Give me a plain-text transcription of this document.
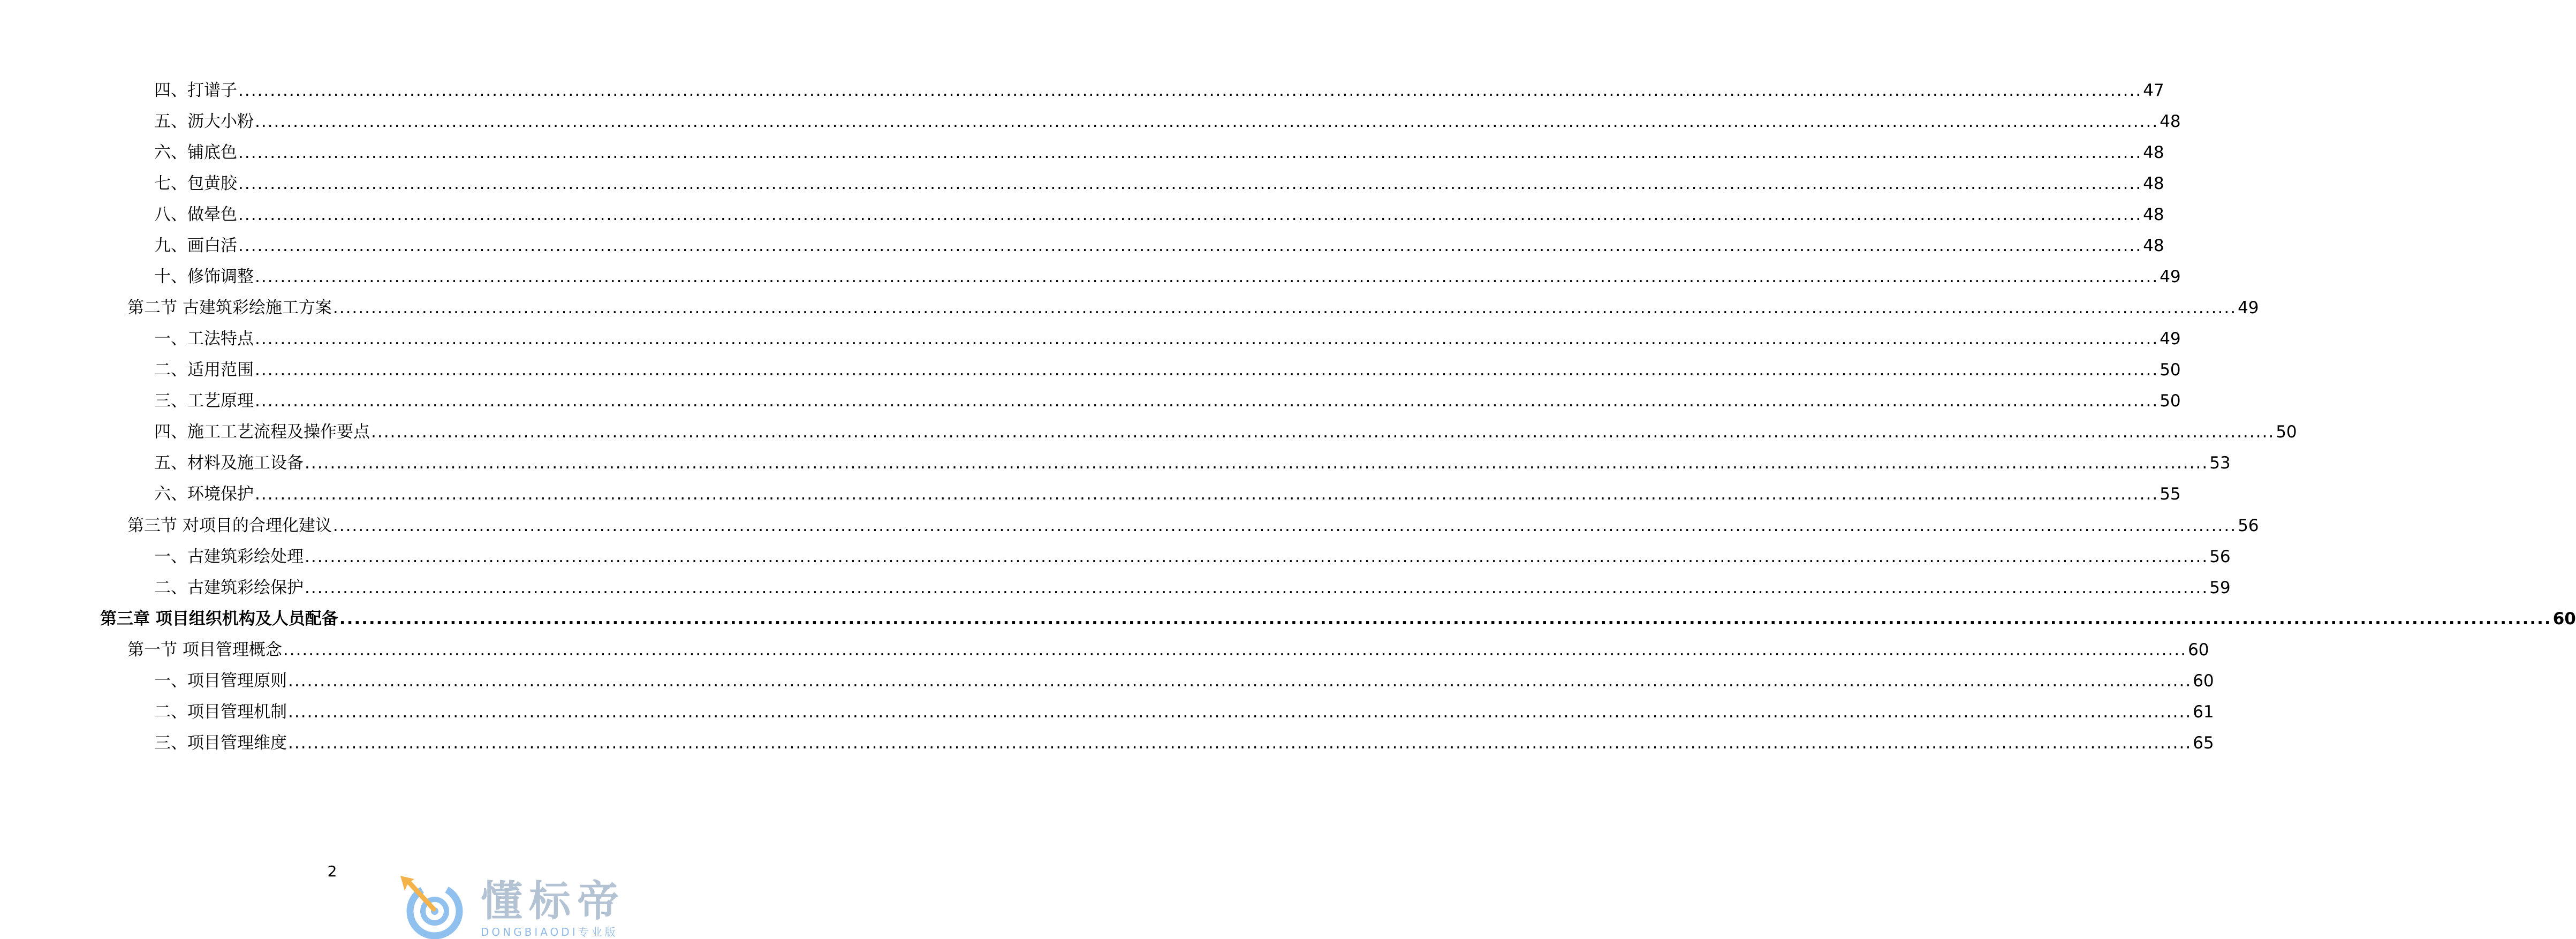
四、打谱子 ............................................................................................................................................................................................................................................................................................................ 47
五、沥大小粉 ............................................................................................................................................................................................................................................................................................................ 48
六、铺底色 ............................................................................................................................................................................................................................................................................................................ 48
七、包黄胶 ............................................................................................................................................................................................................................................................................................................ 48
八、做晕色 ............................................................................................................................................................................................................................................................................................................ 48
九、画白活 ............................................................................................................................................................................................................................................................................................................ 48
十、修饰调整 ............................................................................................................................................................................................................................................................................................................ 49
第二节 古建筑彩绘施工方案 ............................................................................................................................................................................................................................................................................................................ 49
一、工法特点 ............................................................................................................................................................................................................................................................................................................ 49
二、适用范围 ............................................................................................................................................................................................................................................................................................................ 50
三、工艺原理 ............................................................................................................................................................................................................................................................................................................ 50
四、施工工艺流程及操作要点 ............................................................................................................................................................................................................................................................................................................ 50
五、材料及施工设备 ............................................................................................................................................................................................................................................................................................................ 53
六、环境保护 ............................................................................................................................................................................................................................................................................................................ 55
第三节 对项目的合理化建议 ............................................................................................................................................................................................................................................................................................................ 56
一、古建筑彩绘处理 ............................................................................................................................................................................................................................................................................................................ 56
二、古建筑彩绘保护 ............................................................................................................................................................................................................................................................................................................ 59
第三章 项目组织机构及人员配备 ............................................................................................................................................................................................................................................................................................................ 60
第一节 项目管理概念 ............................................................................................................................................................................................................................................................................................................ 60
一、项目管理原则 ............................................................................................................................................................................................................................................................................................................ 60
二、项目管理机制 ............................................................................................................................................................................................................................................................................................................ 61
三、项目管理维度 ............................................................................................................................................................................................................................................................................................................ 65
2
懂标帝
DONGBIAODI专业版
